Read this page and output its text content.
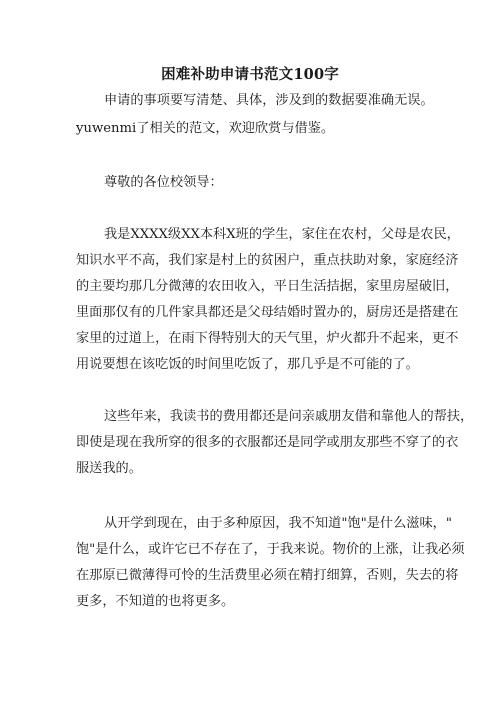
困难补助申请书范文100字
申请的事项要写清楚、具体，涉及到的数据要准确无误。
yuwenmi了相关的范文，欢迎欣赏与借鉴。
尊敬的各位校领导：
我是XXXX级XX本科X班的学生，家住在农村，父母是农民，
知识水平不高，我们家是村上的贫困户，重点扶助对象，家庭经济
的主要均那几分微薄的农田收入，平日生活拮据，家里房屋破旧，
里面那仅有的几件家具都还是父母结婚时置办的，厨房还是搭建在
家里的过道上，在雨下得特别大的天气里，炉火都升不起来，更不
用说要想在该吃饭的时间里吃饭了，那几乎是不可能的了。
这些年来，我读书的费用都还是问亲戚朋友借和靠他人的帮扶，
即使是现在我所穿的很多的衣服都还是同学或朋友那些不穿了的衣
服送我的。
从开学到现在，由于多种原因，我不知道"饱"是什么滋味，"
饱"是什么，或许它已不存在了，于我来说。物价的上涨，让我必须
在那原已微薄得可怜的生活费里必须在精打细算，否则，失去的将
更多，不知道的也将更多。
